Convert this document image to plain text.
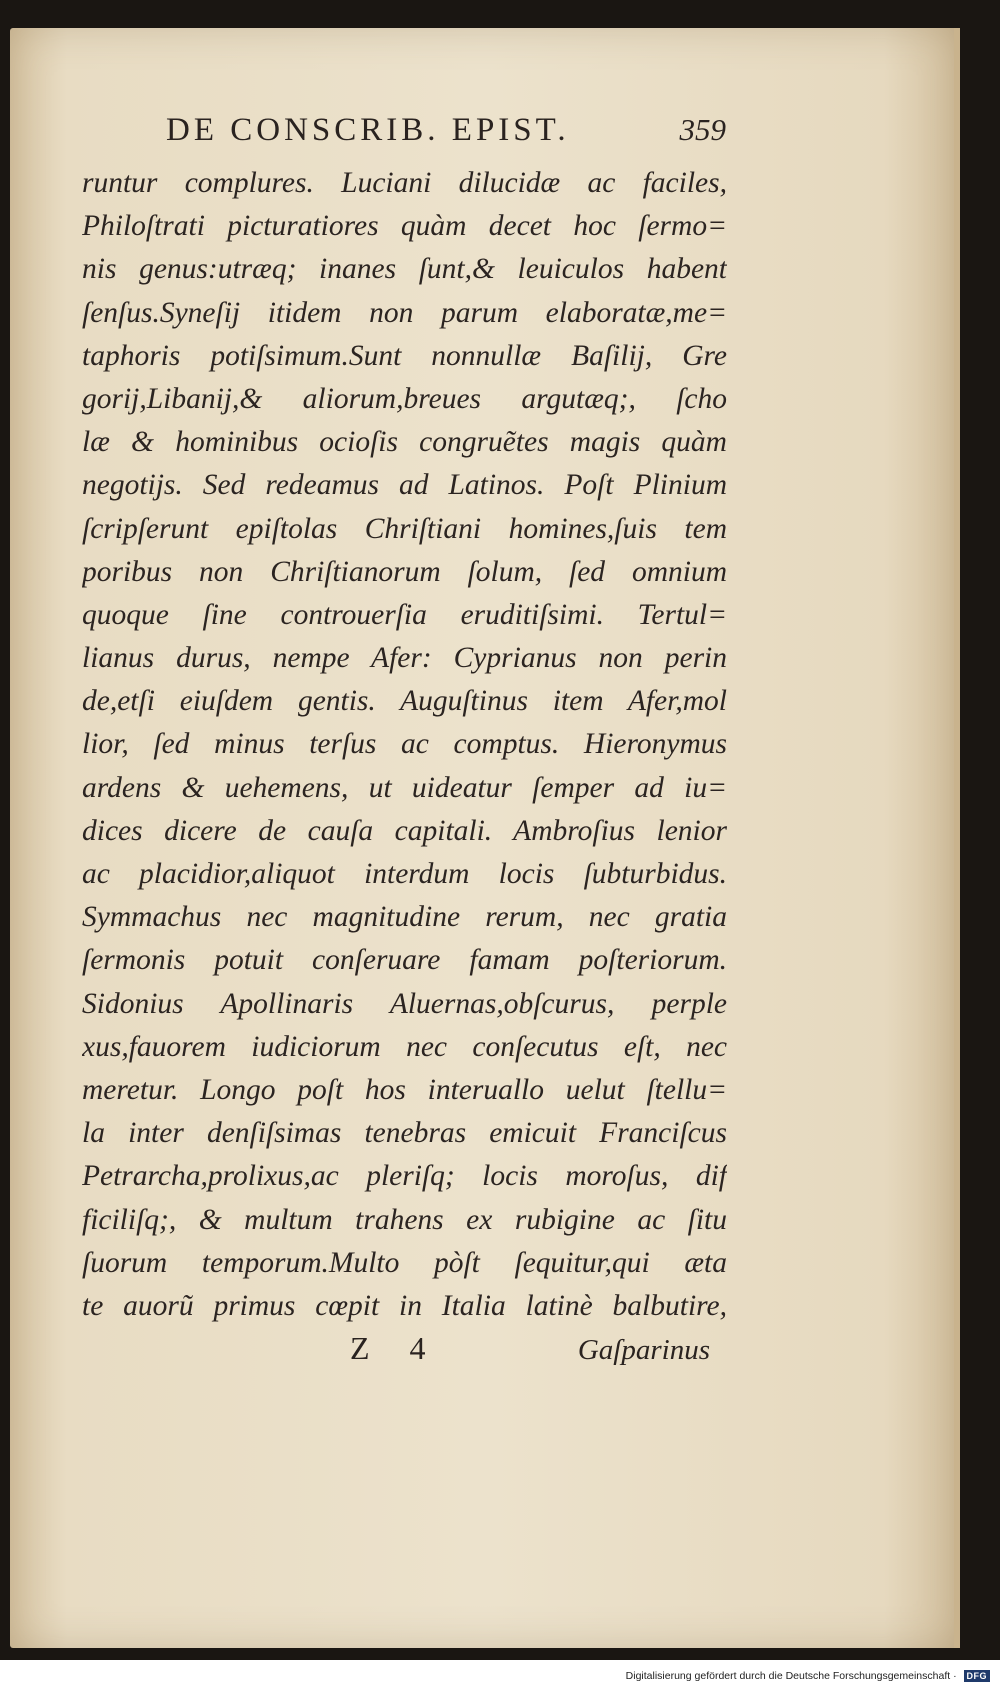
DE CONSCRIB. EPIST.	359
runtur complures. Luciani dilucidæ ac faciles,
Philoſtrati picturatiores quàm decet hoc ſermo=
nis genus:utræq; inanes ſunt,& leuiculos habent
ſenſus.Syneſij itidem non parum elaboratæ,me=
taphoris potiſsimum.Sunt nonnullæ Baſilij, Gre
gorij,Libanij,& aliorum,breues argutæq;, ſcho
læ & hominibus ocioſis congruẽtes magis quàm
negotijs. Sed redeamus ad Latinos. Poſt Plinium
ſcripſerunt epiſtolas Chriſtiani homines,ſuis tem
poribus non Chriſtianorum ſolum, ſed omnium
quoque ſine controuerſia eruditiſsimi. Tertul=
lianus durus, nempe Afer: Cyprianus non perin
de,etſi eiuſdem gentis. Auguſtinus item Afer,mol
lior, ſed minus terſus ac comptus. Hieronymus
ardens & uehemens, ut uideatur ſemper ad iu=
dices dicere de cauſa capitali. Ambroſius lenior
ac placidior,aliquot interdum locis ſubturbidus.
Symmachus nec magnitudine rerum, nec gratia
ſermonis potuit conſeruare famam poſteriorum.
Sidonius Apollinaris Aluernas,obſcurus, perple
xus,fauorem iudiciorum nec conſecutus eſt, nec
meretur. Longo poſt hos interuallo uelut ſtellu=
la inter denſiſsimas tenebras emicuit Franciſcus
Petrarcha,prolixus,ac pleriſq; locis moroſus, dif
ficiliſq;, & multum trahens ex rubigine ac ſitu
ſuorum temporum.Multo pòſt ſequitur,qui æta
te auorũ primus cœpit in Italia latinè balbutire,
Z 4	Gaſparinus
Digitalisierung gefördert durch die Deutsche Forschungsgemeinschaft · DFG
